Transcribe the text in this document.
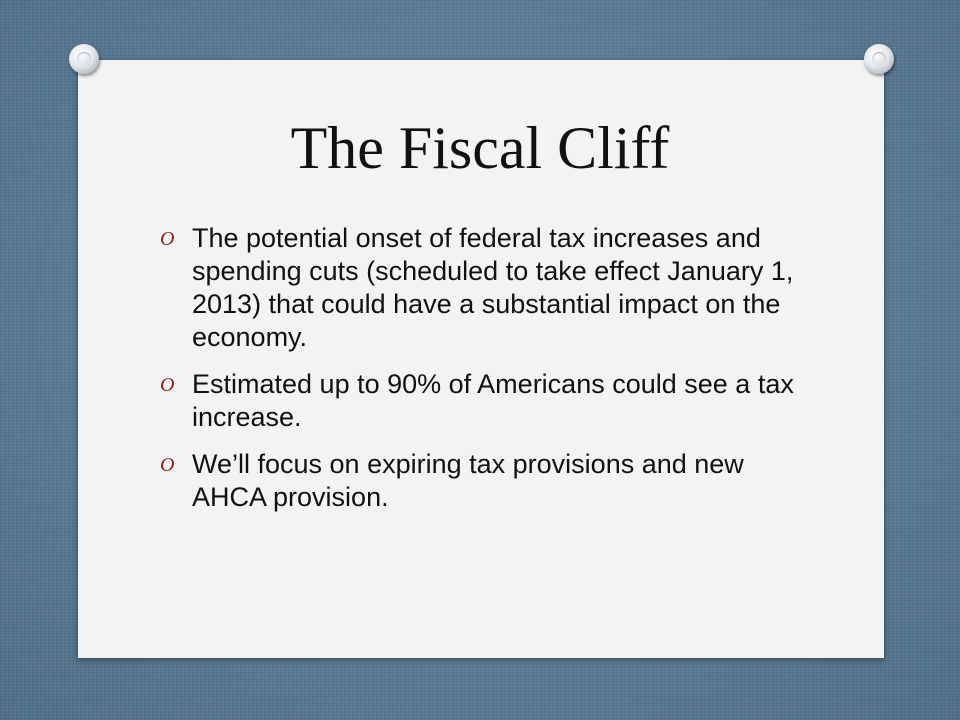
The Fiscal Cliff
O The potential onset of federal tax increases and spending cuts (scheduled to take effect January 1, 2013) that could have a substantial impact on the economy.
O Estimated up to 90% of Americans could see a tax increase.
O We’ll focus on expiring tax provisions and new AHCA provision.
